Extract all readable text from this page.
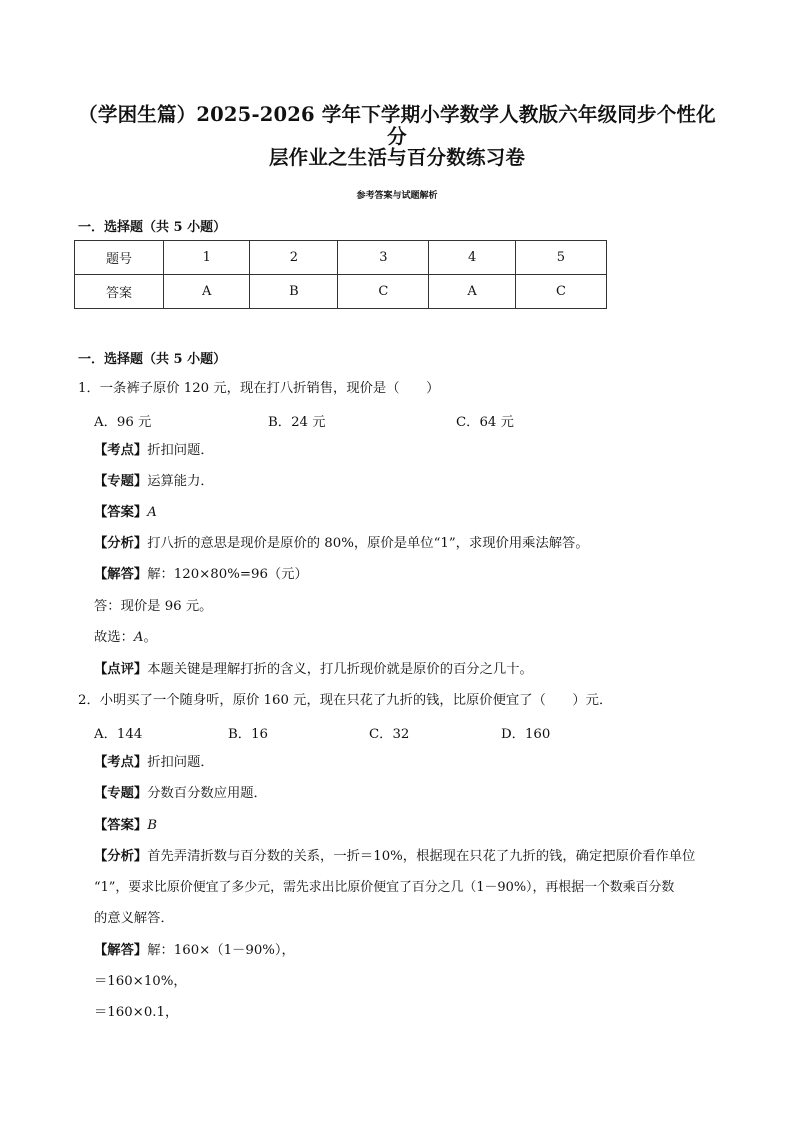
（学困生篇）2025-2026 学年下学期小学数学人教版六年级同步个性化分
层作业之生活与百分数练习卷
参考答案与试题解析
一．选择题（共 5 小题）
题号	1	2	3	4	5
答案	A	B	C	A	C
一．选择题（共 5 小题）
1．一条裤子原价 120 元，现在打八折销售，现价是（　　）
A．96 元	B．24 元	C．64 元
【考点】折扣问题．
【专题】运算能力．
【答案】A
【分析】打八折的意思是现价是原价的 80%，原价是单位“1”，求现价用乘法解答。
【解答】解：120×80%=96（元）
答：现价是 96 元。
故选：A。
【点评】本题关键是理解打折的含义，打几折现价就是原价的百分之几十。
2．小明买了一个随身听，原价 160 元，现在只花了九折的钱，比原价便宜了（　　）元．
A．144	B．16	C．32	D．160
【考点】折扣问题．
【专题】分数百分数应用题．
【答案】B
【分析】首先弄清折数与百分数的关系，一折＝10%，根据现在只花了九折的钱，确定把原价看作单位
“1”，要求比原价便宜了多少元，需先求出比原价便宜了百分之几（1－90%），再根据一个数乘百分数
的意义解答．
【解答】解：160×（1－90%），
＝160×10%，
＝160×0.1，
